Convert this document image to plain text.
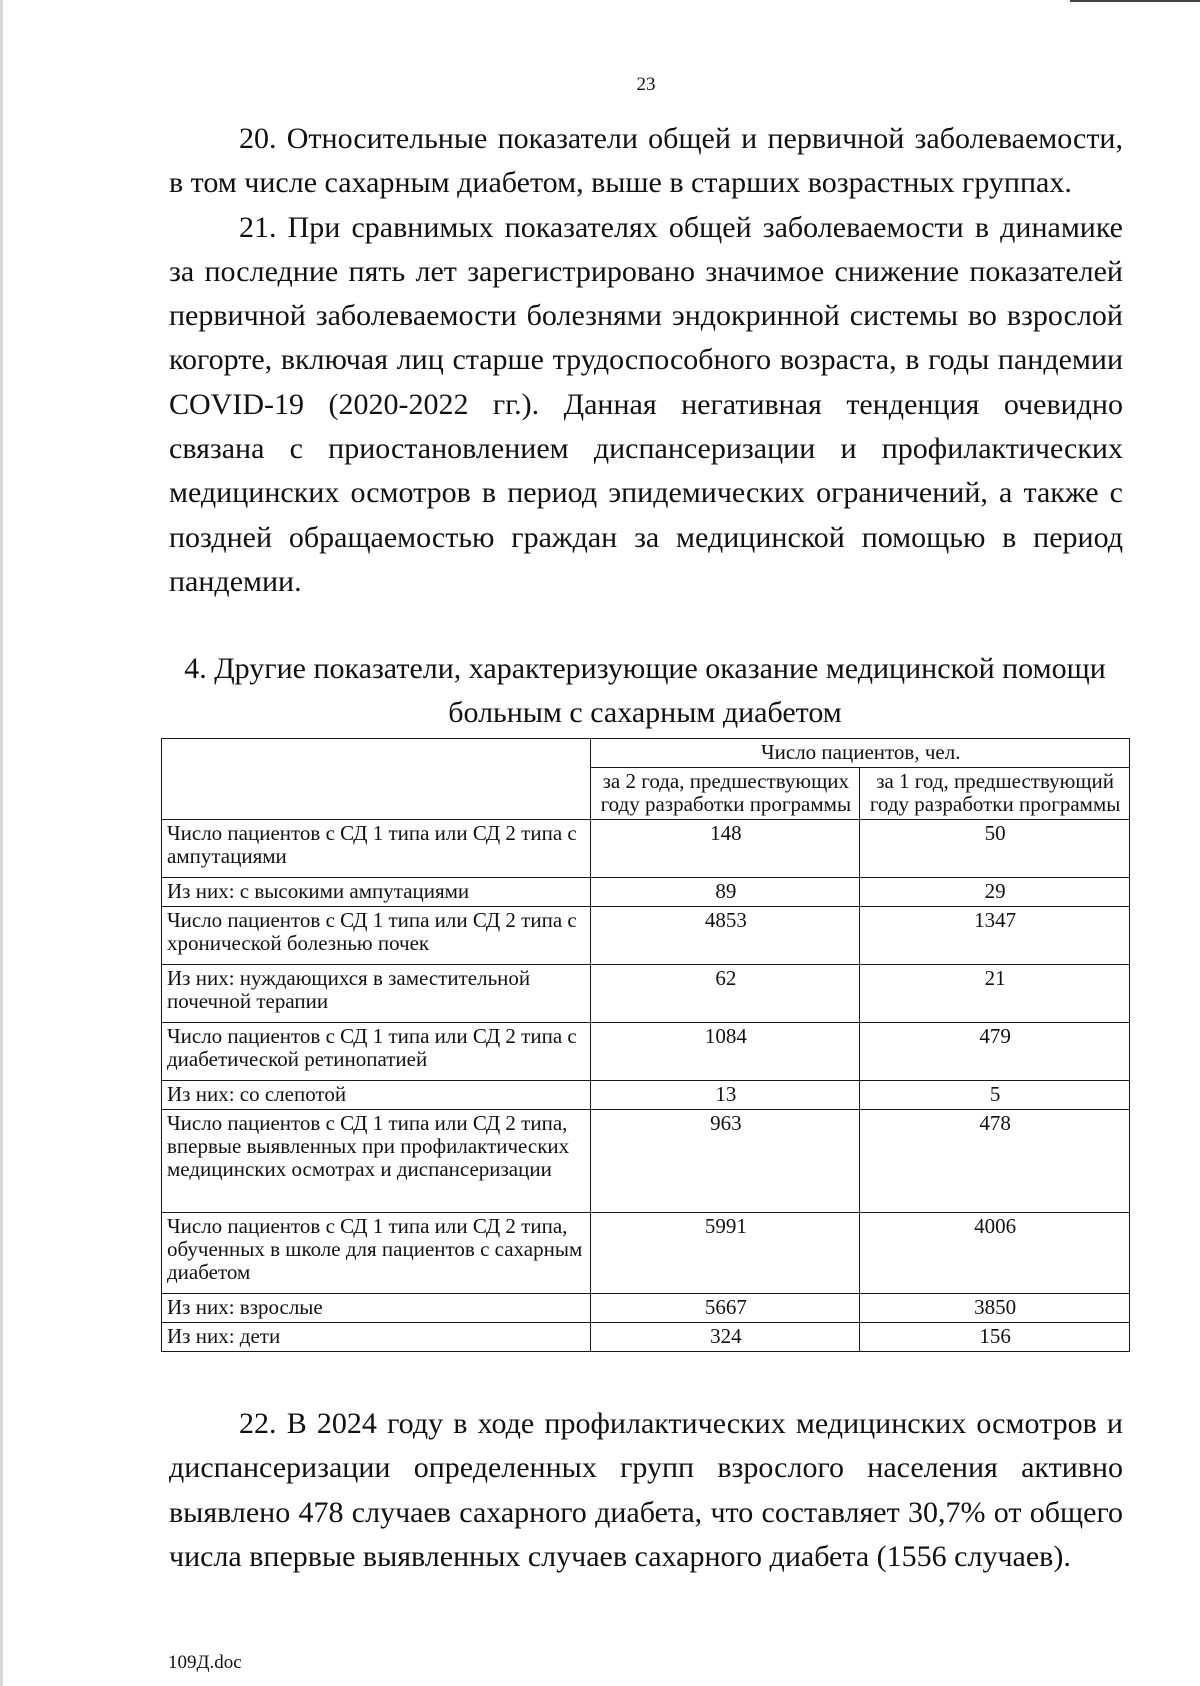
23

20. Относительные показатели общей и первичной заболеваемости, в том числе сахарным диабетом, выше в старших возрастных группах.

21. При сравнимых показателях общей заболеваемости в динамике за последние пять лет зарегистрировано значимое снижение показателей первичной заболеваемости болезнями эндокринной системы во взрослой когорте, включая лиц старше трудоспособного возраста, в годы пандемии COVID-19 (2020-2022 гг.). Данная негативная тенденция очевидно связана с приостановлением диспансеризации и профилактических медицинских осмотров в период эпидемических ограничений, а также с поздней обращаемостью граждан за медицинской помощью в период пандемии.

4. Другие показатели, характеризующие оказание медицинской помощи
больным с сахарным диабетом
	Число пациентов, чел.	
	за 2 года, предшествующих году разработки программы	за 1 год, предшествующий году разработки программы
Число пациентов с СД 1 типа или СД 2 типа с ампутациями	148	50
Из них: с высокими ампутациями	89	29
Число пациентов с СД 1 типа или СД 2 типа с хронической болезнью почек	4853	1347
Из них: нуждающихся в заместительной почечной терапии	62	21
Число пациентов с СД 1 типа или СД 2 типа с диабетической ретинопатией	1084	479
Из них: со слепотой	13	5
Число пациентов с СД 1 типа или СД 2 типа, впервые выявленных при профилактических медицинских осмотрах и диспансеризации	963	478
Число пациентов с СД 1 типа или СД 2 типа, обученных в школе для пациентов с сахарным диабетом	5991	4006
Из них: взрослые	5667	3850
Из них: дети	324	156

22. В 2024 году в ходе профилактических медицинских осмотров и диспансеризации определенных групп взрослого населения активно выявлено 478 случаев сахарного диабета, что составляет 30,7% от общего числа впервые выявленных случаев сахарного диабета (1556 случаев).

109Д.doc
